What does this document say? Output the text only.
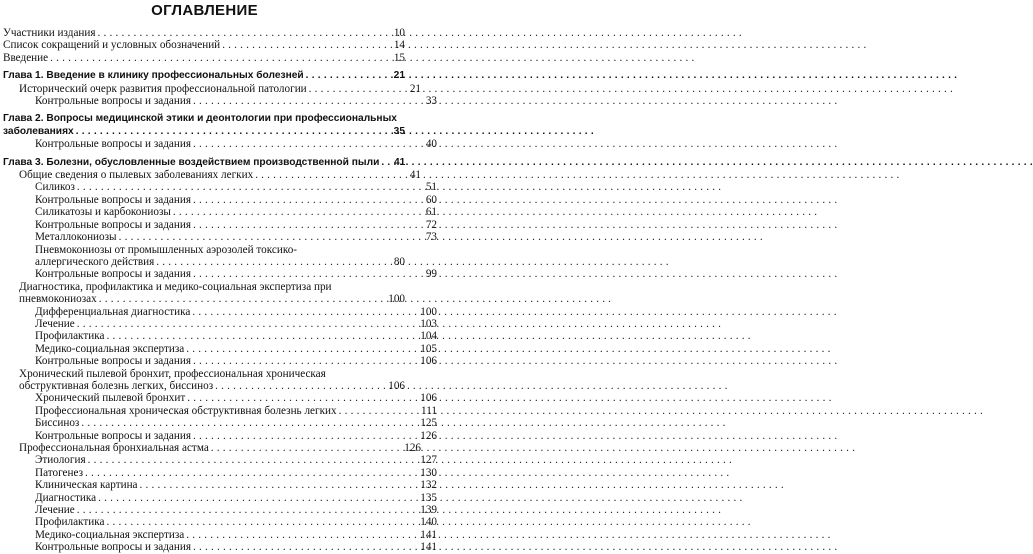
ОГЛАВЛЕНИЕ
Участники издания . . .	10
Список сокращений и условных обозначений . . .	14
Введение . . .	15
Глава 1. Введение в клинику профессиональных болезней . . .	21
Исторический очерк развития профессиональной патологии . . .	21
Контрольные вопросы и задания . . .	33
Глава 2. Вопросы медицинской этики и деонтологии при профессиональных
заболеваниях . . .	35
Контрольные вопросы и задания . . .	40
Глава 3. Болезни, обусловленные воздействием производственной пыли . . .	41
Общие сведения о пылевых заболеваниях легких . . .	41
Силикоз . . .	51
Контрольные вопросы и задания . . .	60
Силикатозы и карбокониозы . . .	61
Контрольные вопросы и задания . . .	72
Металлокониозы . . .	73
Пневмокониозы от промышленных аэрозолей токсико-
аллергического действия . . .	80
Контрольные вопросы и задания . . .	99
Диагностика, профилактика и медико-социальная экспертиза при
пневмокониозах . . .	100
Дифференциальная диагностика . . .	100
Лечение . . .	103
Профилактика . . .	104
Медико-социальная экспертиза . . .	105
Контрольные вопросы и задания . . .	106
Хронический пылевой бронхит, профессиональная хроническая
обструктивная болезнь легких, биссиноз . . .	106
Хронический пылевой бронхит . . .	106
Профессиональная хроническая обструктивная болезнь легких . . .	111
Биссиноз . . .	125
Контрольные вопросы и задания . . .	126
Профессиональная бронхиальная астма . . .	126
Этиология . . .	127
Патогенез . . .	130
Клиническая картина . . .	132
Диагностика . . .	135
Лечение . . .	139
Профилактика . . .	140
Медико-социальная экспертиза . . .	141
Контрольные вопросы и задания . . .	141
